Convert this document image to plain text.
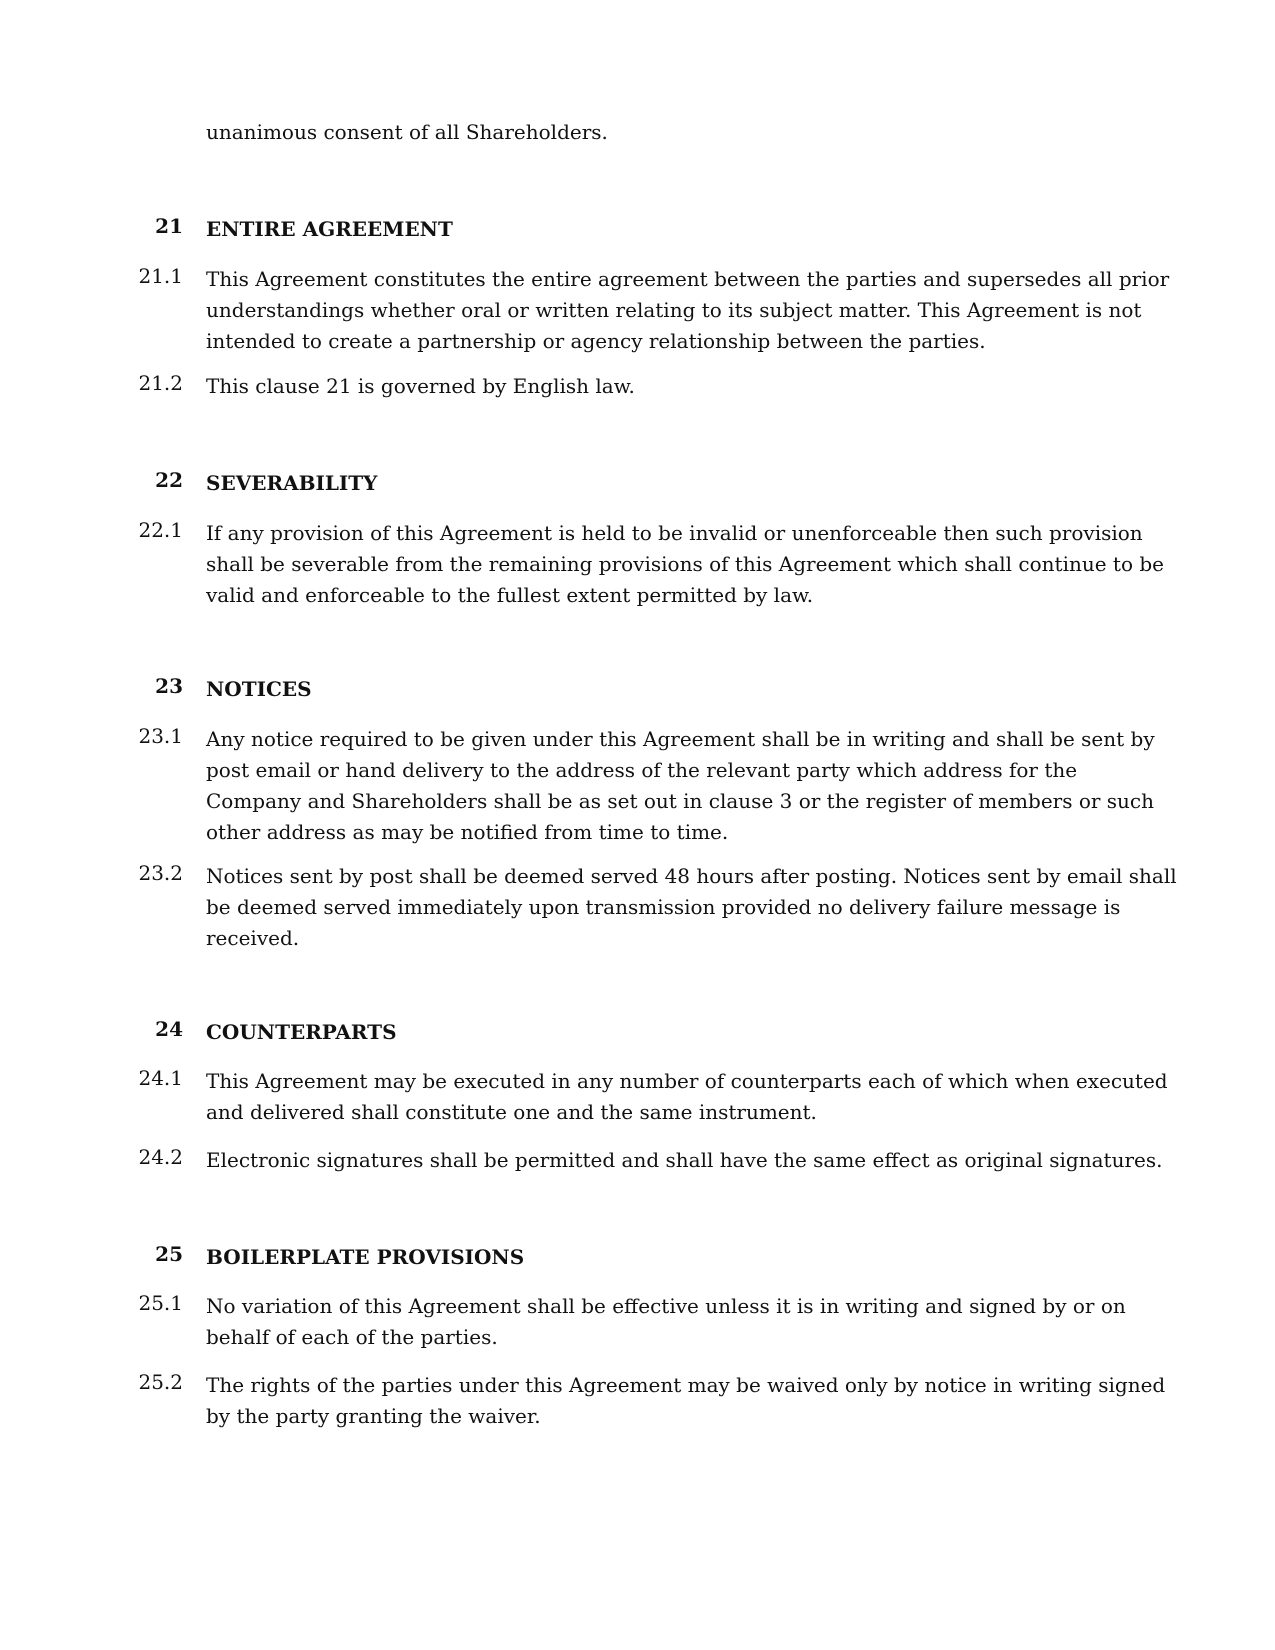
unanimous consent of all Shareholders.
21 ENTIRE AGREEMENT
21.1 This Agreement constitutes the entire agreement between the parties and supersedes all prior
understandings whether oral or written relating to its subject matter. This Agreement is not
intended to create a partnership or agency relationship between the parties.
21.2 This clause 21 is governed by English law.
22 SEVERABILITY
22.1 If any provision of this Agreement is held to be invalid or unenforceable then such provision
shall be severable from the remaining provisions of this Agreement which shall continue to be
valid and enforceable to the fullest extent permitted by law.
23 NOTICES
23.1 Any notice required to be given under this Agreement shall be in writing and shall be sent by
post email or hand delivery to the address of the relevant party which address for the
Company and Shareholders shall be as set out in clause 3 or the register of members or such
other address as may be notified from time to time.
23.2 Notices sent by post shall be deemed served 48 hours after posting. Notices sent by email shall
be deemed served immediately upon transmission provided no delivery failure message is
received.
24 COUNTERPARTS
24.1 This Agreement may be executed in any number of counterparts each of which when executed
and delivered shall constitute one and the same instrument.
24.2 Electronic signatures shall be permitted and shall have the same effect as original signatures.
25 BOILERPLATE PROVISIONS
25.1 No variation of this Agreement shall be effective unless it is in writing and signed by or on
behalf of each of the parties.
25.2 The rights of the parties under this Agreement may be waived only by notice in writing signed
by the party granting the waiver.
